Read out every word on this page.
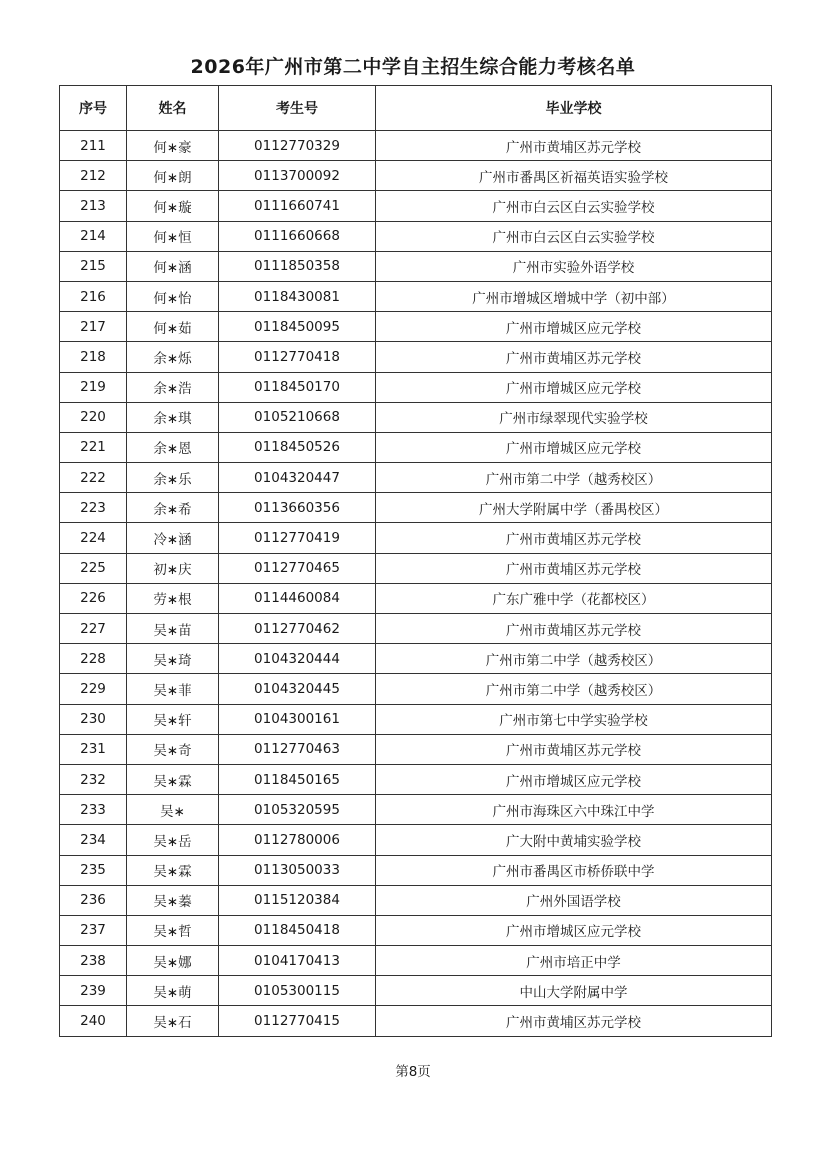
2026年广州市第二中学自主招生综合能力考核名单
序号	姓名	考生号	毕业学校
211	何∗豪	0112770329	广州市黄埔区苏元学校
212	何∗朗	0113700092	广州市番禺区祈福英语实验学校
213	何∗璇	0111660741	广州市白云区白云实验学校
214	何∗恒	0111660668	广州市白云区白云实验学校
215	何∗涵	0111850358	广州市实验外语学校
216	何∗怡	0118430081	广州市增城区增城中学（初中部）
217	何∗茹	0118450095	广州市增城区应元学校
218	余∗烁	0112770418	广州市黄埔区苏元学校
219	余∗浩	0118450170	广州市增城区应元学校
220	余∗琪	0105210668	广州市绿翠现代实验学校
221	余∗恩	0118450526	广州市增城区应元学校
222	余∗乐	0104320447	广州市第二中学（越秀校区）
223	余∗希	0113660356	广州大学附属中学（番禺校区）
224	冷∗涵	0112770419	广州市黄埔区苏元学校
225	初∗庆	0112770465	广州市黄埔区苏元学校
226	劳∗根	0114460084	广东广雅中学（花都校区）
227	吴∗苗	0112770462	广州市黄埔区苏元学校
228	吴∗琦	0104320444	广州市第二中学（越秀校区）
229	吴∗菲	0104320445	广州市第二中学（越秀校区）
230	吴∗轩	0104300161	广州市第七中学实验学校
231	吴∗奇	0112770463	广州市黄埔区苏元学校
232	吴∗霖	0118450165	广州市增城区应元学校
233	吴∗	0105320595	广州市海珠区六中珠江中学
234	吴∗岳	0112780006	广大附中黄埔实验学校
235	吴∗霖	0113050033	广州市番禺区市桥侨联中学
236	吴∗蓁	0115120384	广州外国语学校
237	吴∗哲	0118450418	广州市增城区应元学校
238	吴∗娜	0104170413	广州市培正中学
239	吴∗萌	0105300115	中山大学附属中学
240	吴∗石	0112770415	广州市黄埔区苏元学校
第8页
